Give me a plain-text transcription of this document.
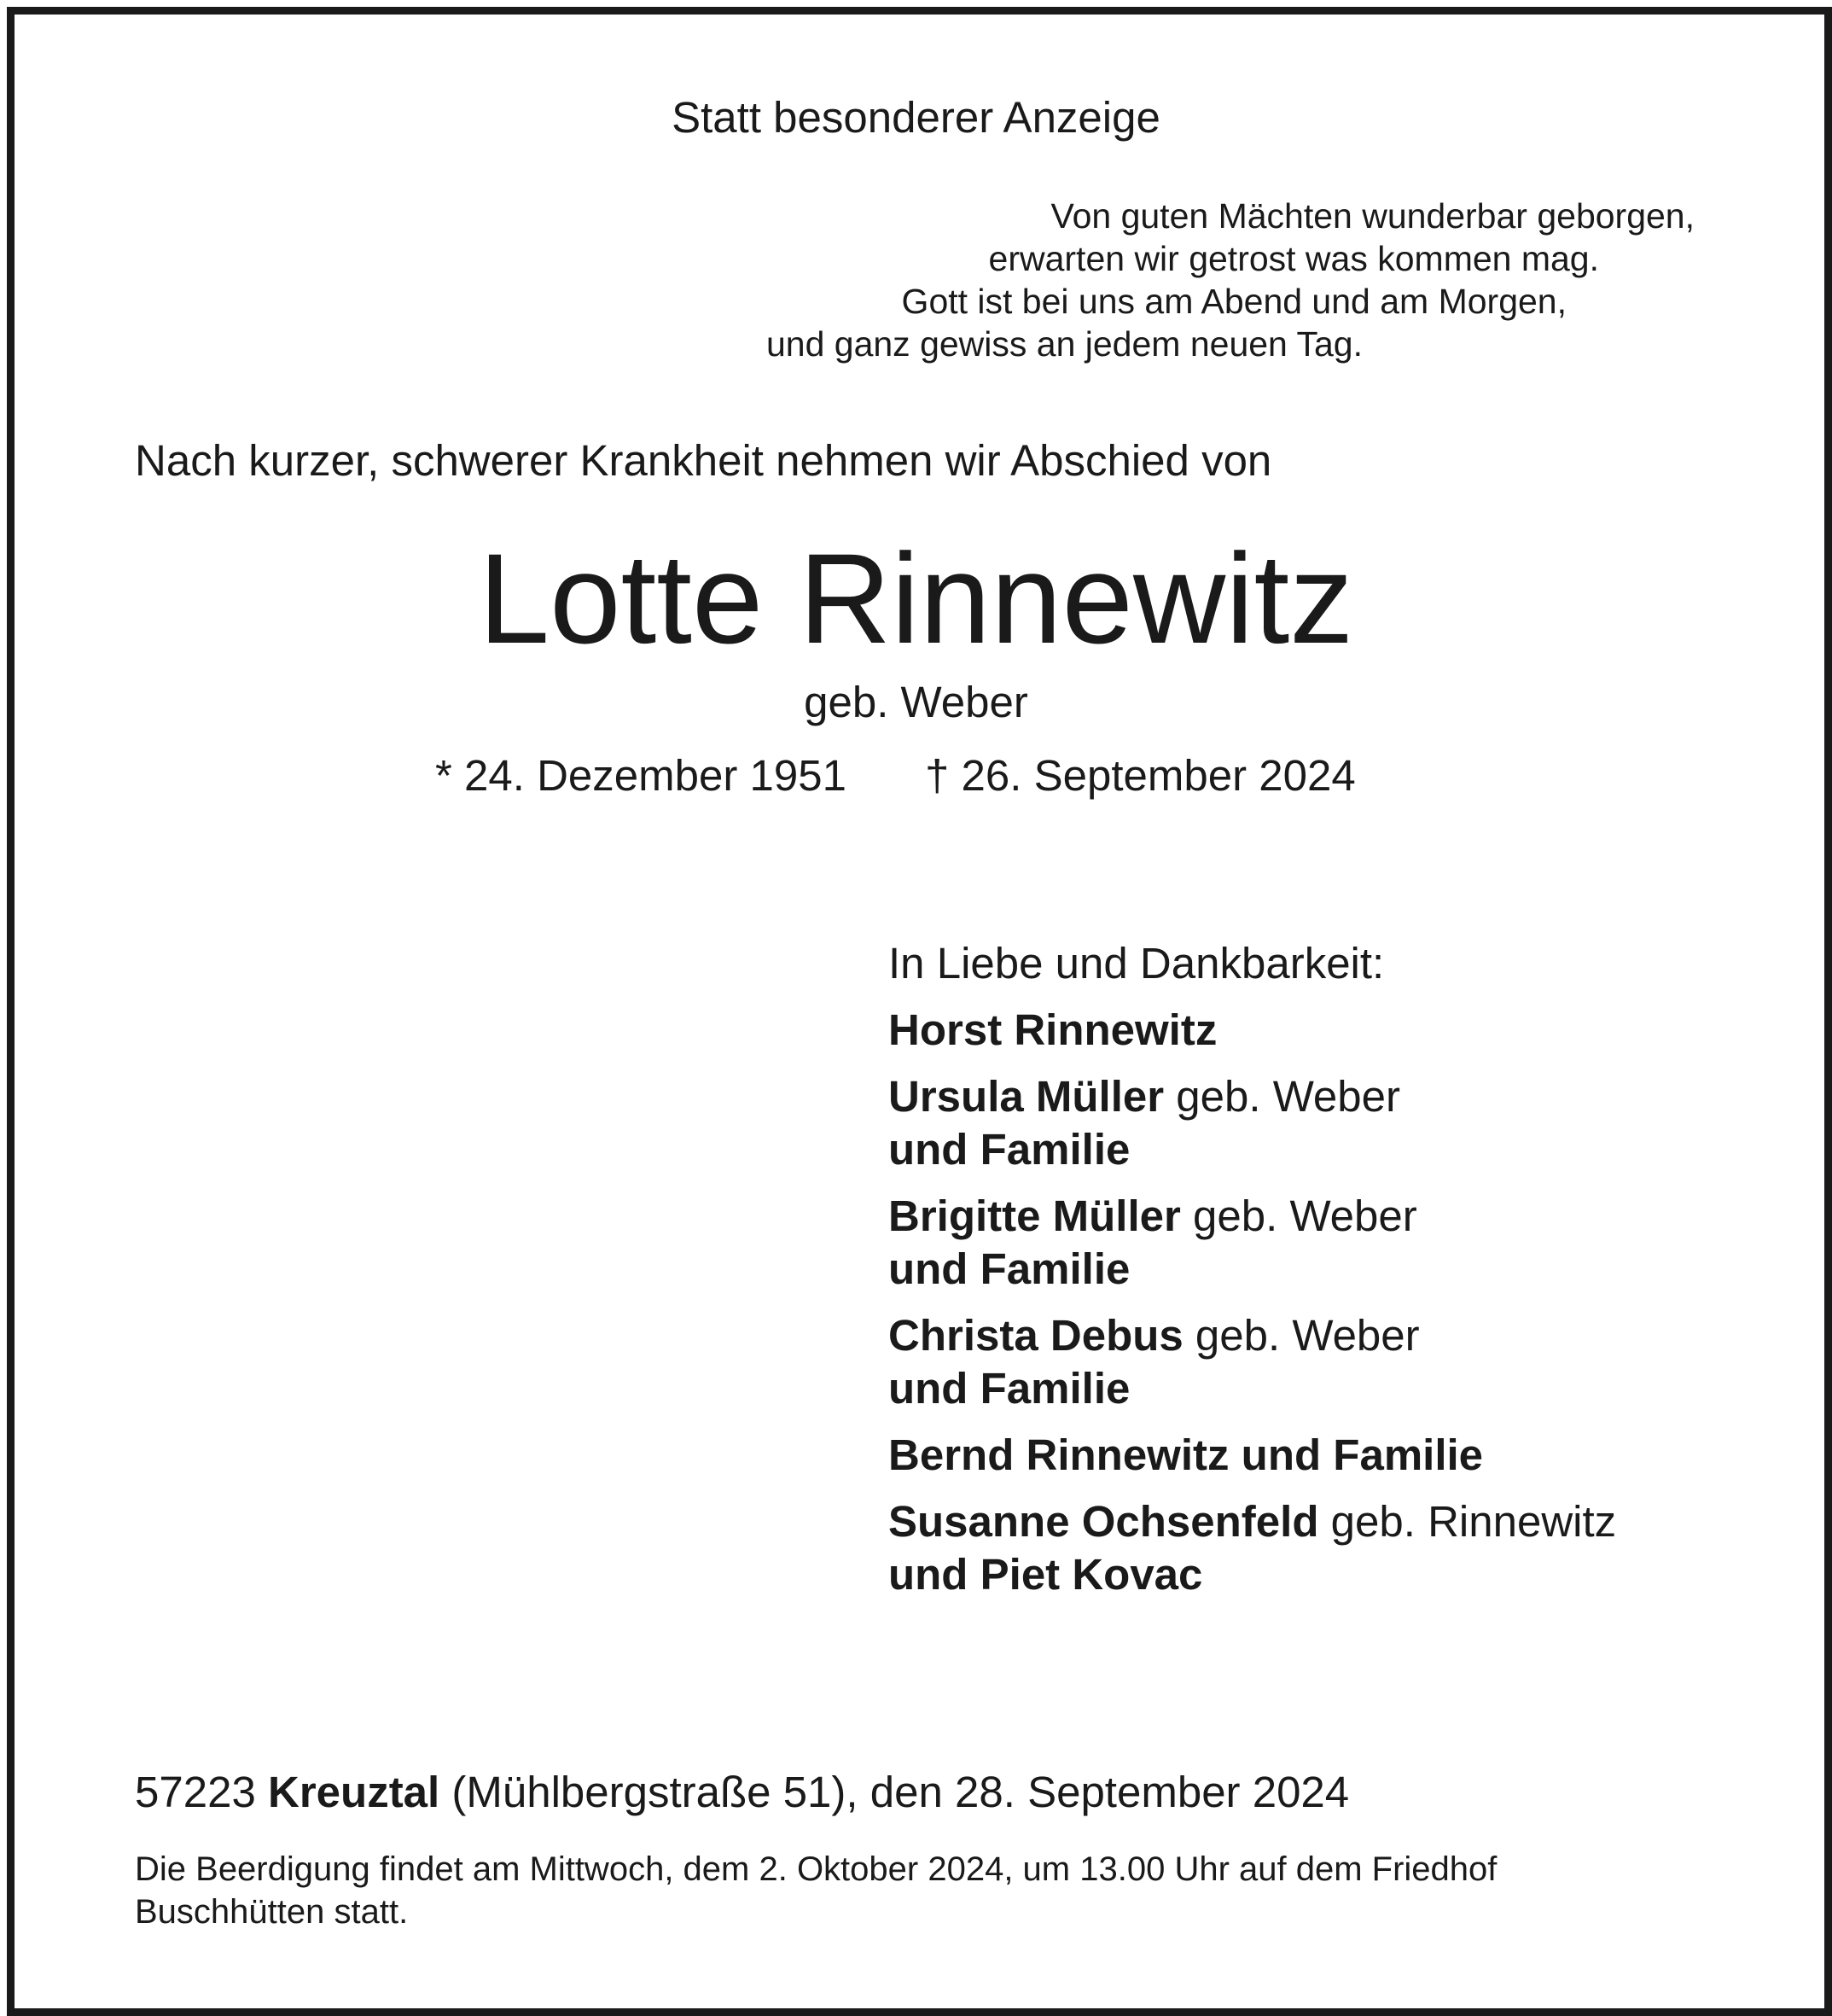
Statt besonderer Anzeige
Von guten Mächten wunderbar geborgen,
erwarten wir getrost was kommen mag.
Gott ist bei uns am Abend und am Morgen,
und ganz gewiss an jedem neuen Tag.
Nach kurzer, schwerer Krankheit nehmen wir Abschied von
Lotte Rinnewitz
geb. Weber
* 24. Dezember 1951 † 26. September 2024
In Liebe und Dankbarkeit:
Horst Rinnewitz
Ursula Müller geb. Weber
und Familie
Brigitte Müller geb. Weber
und Familie
Christa Debus geb. Weber
und Familie
Bernd Rinnewitz und Familie
Susanne Ochsenfeld geb. Rinnewitz
und Piet Kovac
57223 Kreuztal (Mühlbergstraße 51), den 28. September 2024
Die Beerdigung findet am Mittwoch, dem 2. Oktober 2024, um 13.00 Uhr auf dem Friedhof
Buschhütten statt.
